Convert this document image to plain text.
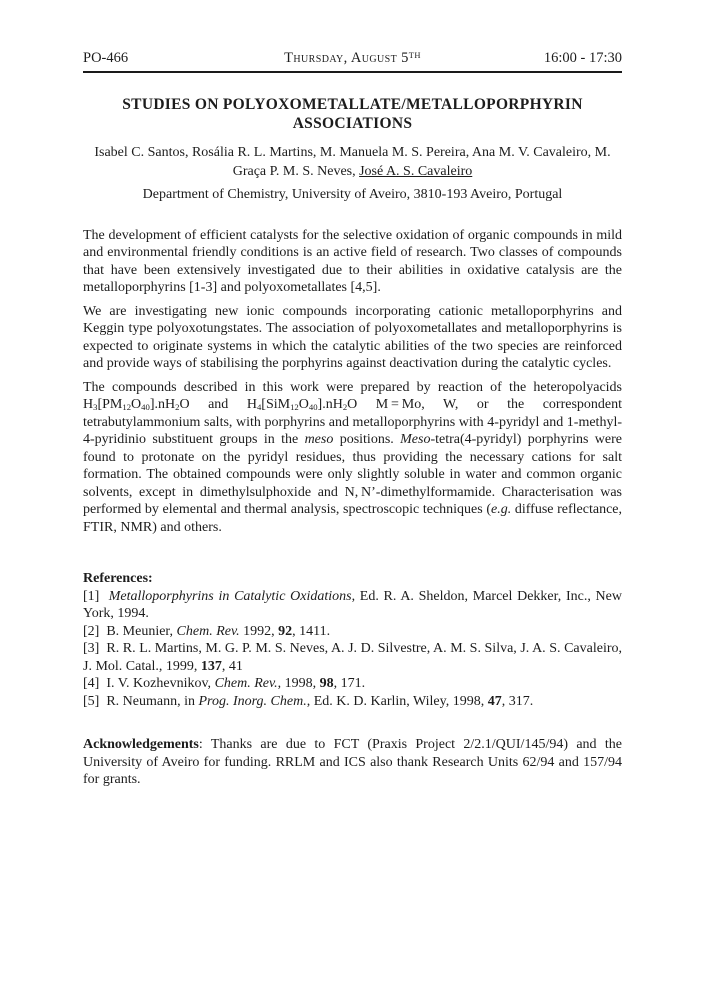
PO-466	Thursday, August 5TH	16:00 - 17:30
STUDIES ON POLYOXOMETALLATE/METALLOPORPHYRIN ASSOCIATIONS

Isabel C. Santos, Rosália R. L. Martins, M. Manuela M. S. Pereira, Ana M. V. Cavaleiro, M. Graça P. M. S. Neves, José A. S. Cavaleiro

Department of Chemistry, University of Aveiro, 3810-193 Aveiro, Portugal

The development of efficient catalysts for the selective oxidation of organic compounds in mild and environmental friendly conditions is an active field of research. Two classes of compounds that have been extensively investigated due to their abilities in oxidative catalysis are the metalloporphyrins [1-3] and polyoxometallates [4,5].

We are investigating new ionic compounds incorporating cationic metalloporphyrins and Keggin type polyoxotungstates. The association of polyoxometallates and metalloporphyrins is expected to originate systems in which the catalytic abilities of the two species are reinforced and provide ways of stabilising the porphyrins against deactivation during the catalytic cycles.

The compounds described in this work were prepared by reaction of the heteropolyacids $H_3[PM_{12}O_{40}].nH_2O$ and $H_4[SiM_{12}O_{40}].nH_2O$ M = Mo, W, or the correspondent tetrabutylammonium salts, with porphyrins and metalloporphyrins with 4-pyridyl and 1-methyl-4-pyridinio substituent groups in the meso positions. Meso-tetra(4-pyridyl) porphyrins were found to protonate on the pyridyl residues, thus providing the necessary cations for salt formation. The obtained compounds were only slightly soluble in water and common organic solvents, except in dimethylsulphoxide and N, N’-dimethylformamide. Characterisation was performed by elemental and thermal analysis, spectroscopic techniques (e.g. diffuse reflectance, FTIR, NMR) and others.

References:

[1]  Metalloporphyrins in Catalytic Oxidations, Ed. R. A. Sheldon, Marcel Dekker, Inc., New York, 1994.

[2]  B. Meunier, Chem. Rev. 1992, 92, 1411.

[3]  R. R. L. Martins, M. G. P. M. S. Neves, A. J. D. Silvestre, A. M. S. Silva, J. A. S. Cavaleiro, J. Mol. Catal., 1999, 137, 41

[4]  I. V. Kozhevnikov, Chem. Rev., 1998, 98, 171.

[5]  R. Neumann, in Prog. Inorg. Chem., Ed. K. D. Karlin, Wiley, 1998, 47, 317.

Acknowledgements: Thanks are due to FCT (Praxis Project 2/2.1/QUI/145/94) and the University of Aveiro for funding. RRLM and ICS also thank Research Units 62/94 and 157/94 for grants.
